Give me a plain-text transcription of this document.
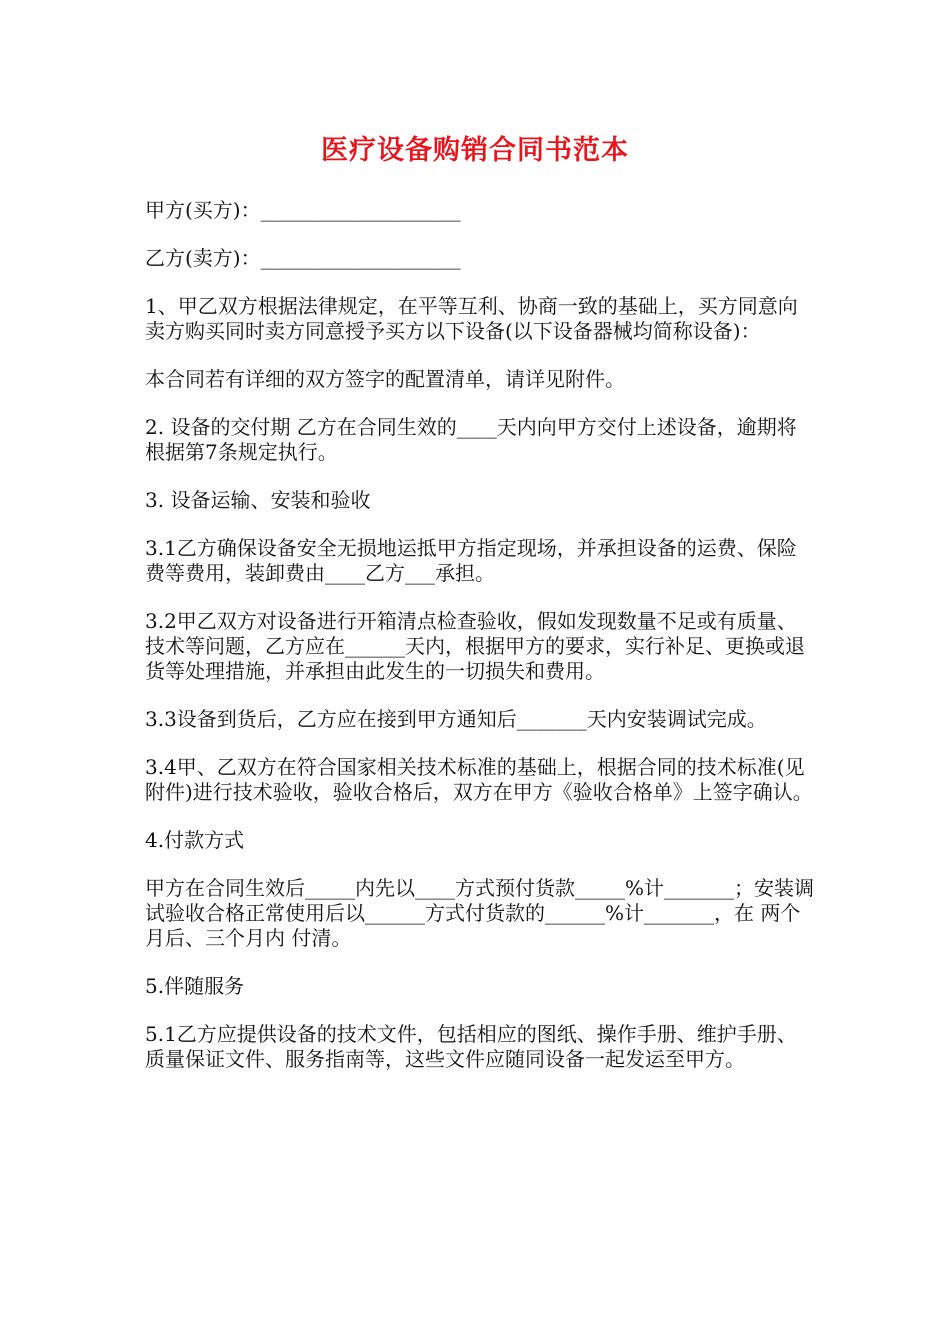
医疗设备购销合同书范本

甲方(买方)：____________________

乙方(卖方)：____________________

1、甲乙双方根据法律规定，在平等互利、协商一致的基础上，买方同意向卖方购买同时卖方同意授予买方以下设备(以下设备器械均简称设备)：

本合同若有详细的双方签字的配置清单，请详见附件。

2. 设备的交付期 乙方在合同生效的____天内向甲方交付上述设备，逾期将根据第7条规定执行。

3. 设备运输、安装和验收

3.1乙方确保设备安全无损地运抵甲方指定现场，并承担设备的运费、保险费等费用，装卸费由____乙方___承担。

3.2甲乙双方对设备进行开箱清点检查验收，假如发现数量不足或有质量、技术等问题，乙方应在______天内，根据甲方的要求，实行补足、更换或退货等处理措施，并承担由此发生的一切损失和费用。

3.3设备到货后，乙方应在接到甲方通知后_______天内安装调试完成。

3.4甲、乙双方在符合国家相关技术标准的基础上，根据合同的技术标准(见附件)进行技术验收，验收合格后，双方在甲方《验收合格单》上签字确认。

4.付款方式

甲方在合同生效后_____内先以____方式预付货款_____%计_______；安装调试验收合格正常使用后以______方式付货款的______%计_______，在 两个月后、三个月内 付清。

5.伴随服务

5.1乙方应提供设备的技术文件，包括相应的图纸、操作手册、维护手册、质量保证文件、服务指南等，这些文件应随同设备一起发运至甲方。
